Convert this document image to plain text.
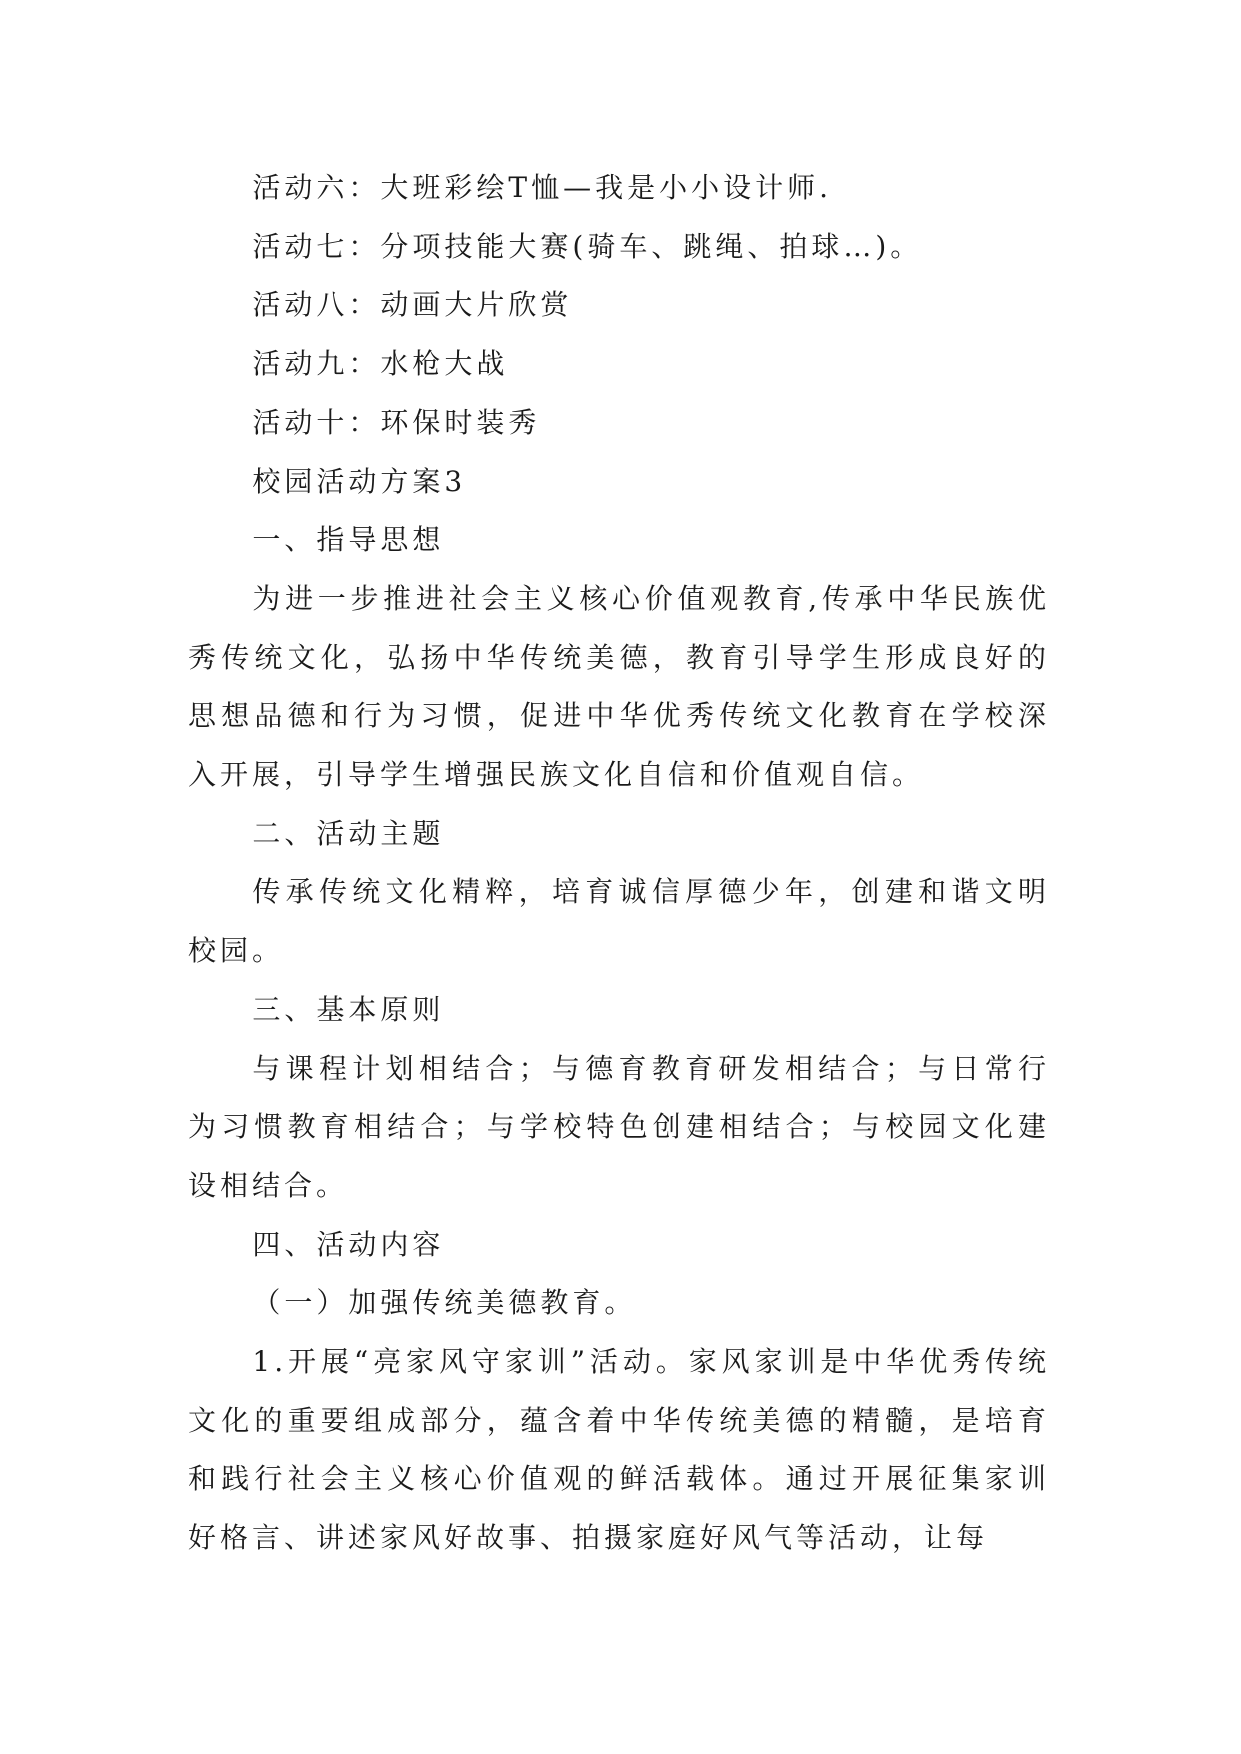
活动六：大班彩绘T恤—我是小小设计师.

活动七：分项技能大赛(骑车、跳绳、拍球…)。

活动八：动画大片欣赏

活动九：水枪大战

活动十：环保时装秀

校园活动方案3

一、指导思想

为进一步推进社会主义核心价值观教育,传承中华民族优秀传统文化，弘扬中华传统美德，教育引导学生形成良好的思想品德和行为习惯，促进中华优秀传统文化教育在学校深入开展，引导学生增强民族文化自信和价值观自信。

二、活动主题

传承传统文化精粹，培育诚信厚德少年，创建和谐文明校园。

三、基本原则

与课程计划相结合；与德育教育研发相结合；与日常行为习惯教育相结合；与学校特色创建相结合；与校园文化建设相结合。

四、活动内容

（一）加强传统美德教育。

1.开展“亮家风守家训”活动。家风家训是中华优秀传统文化的重要组成部分，蕴含着中华传统美德的精髓，是培育和践行社会主义核心价值观的鲜活载体。通过开展征集家训好格言、讲述家风好故事、拍摄家庭好风气等活动，让每
